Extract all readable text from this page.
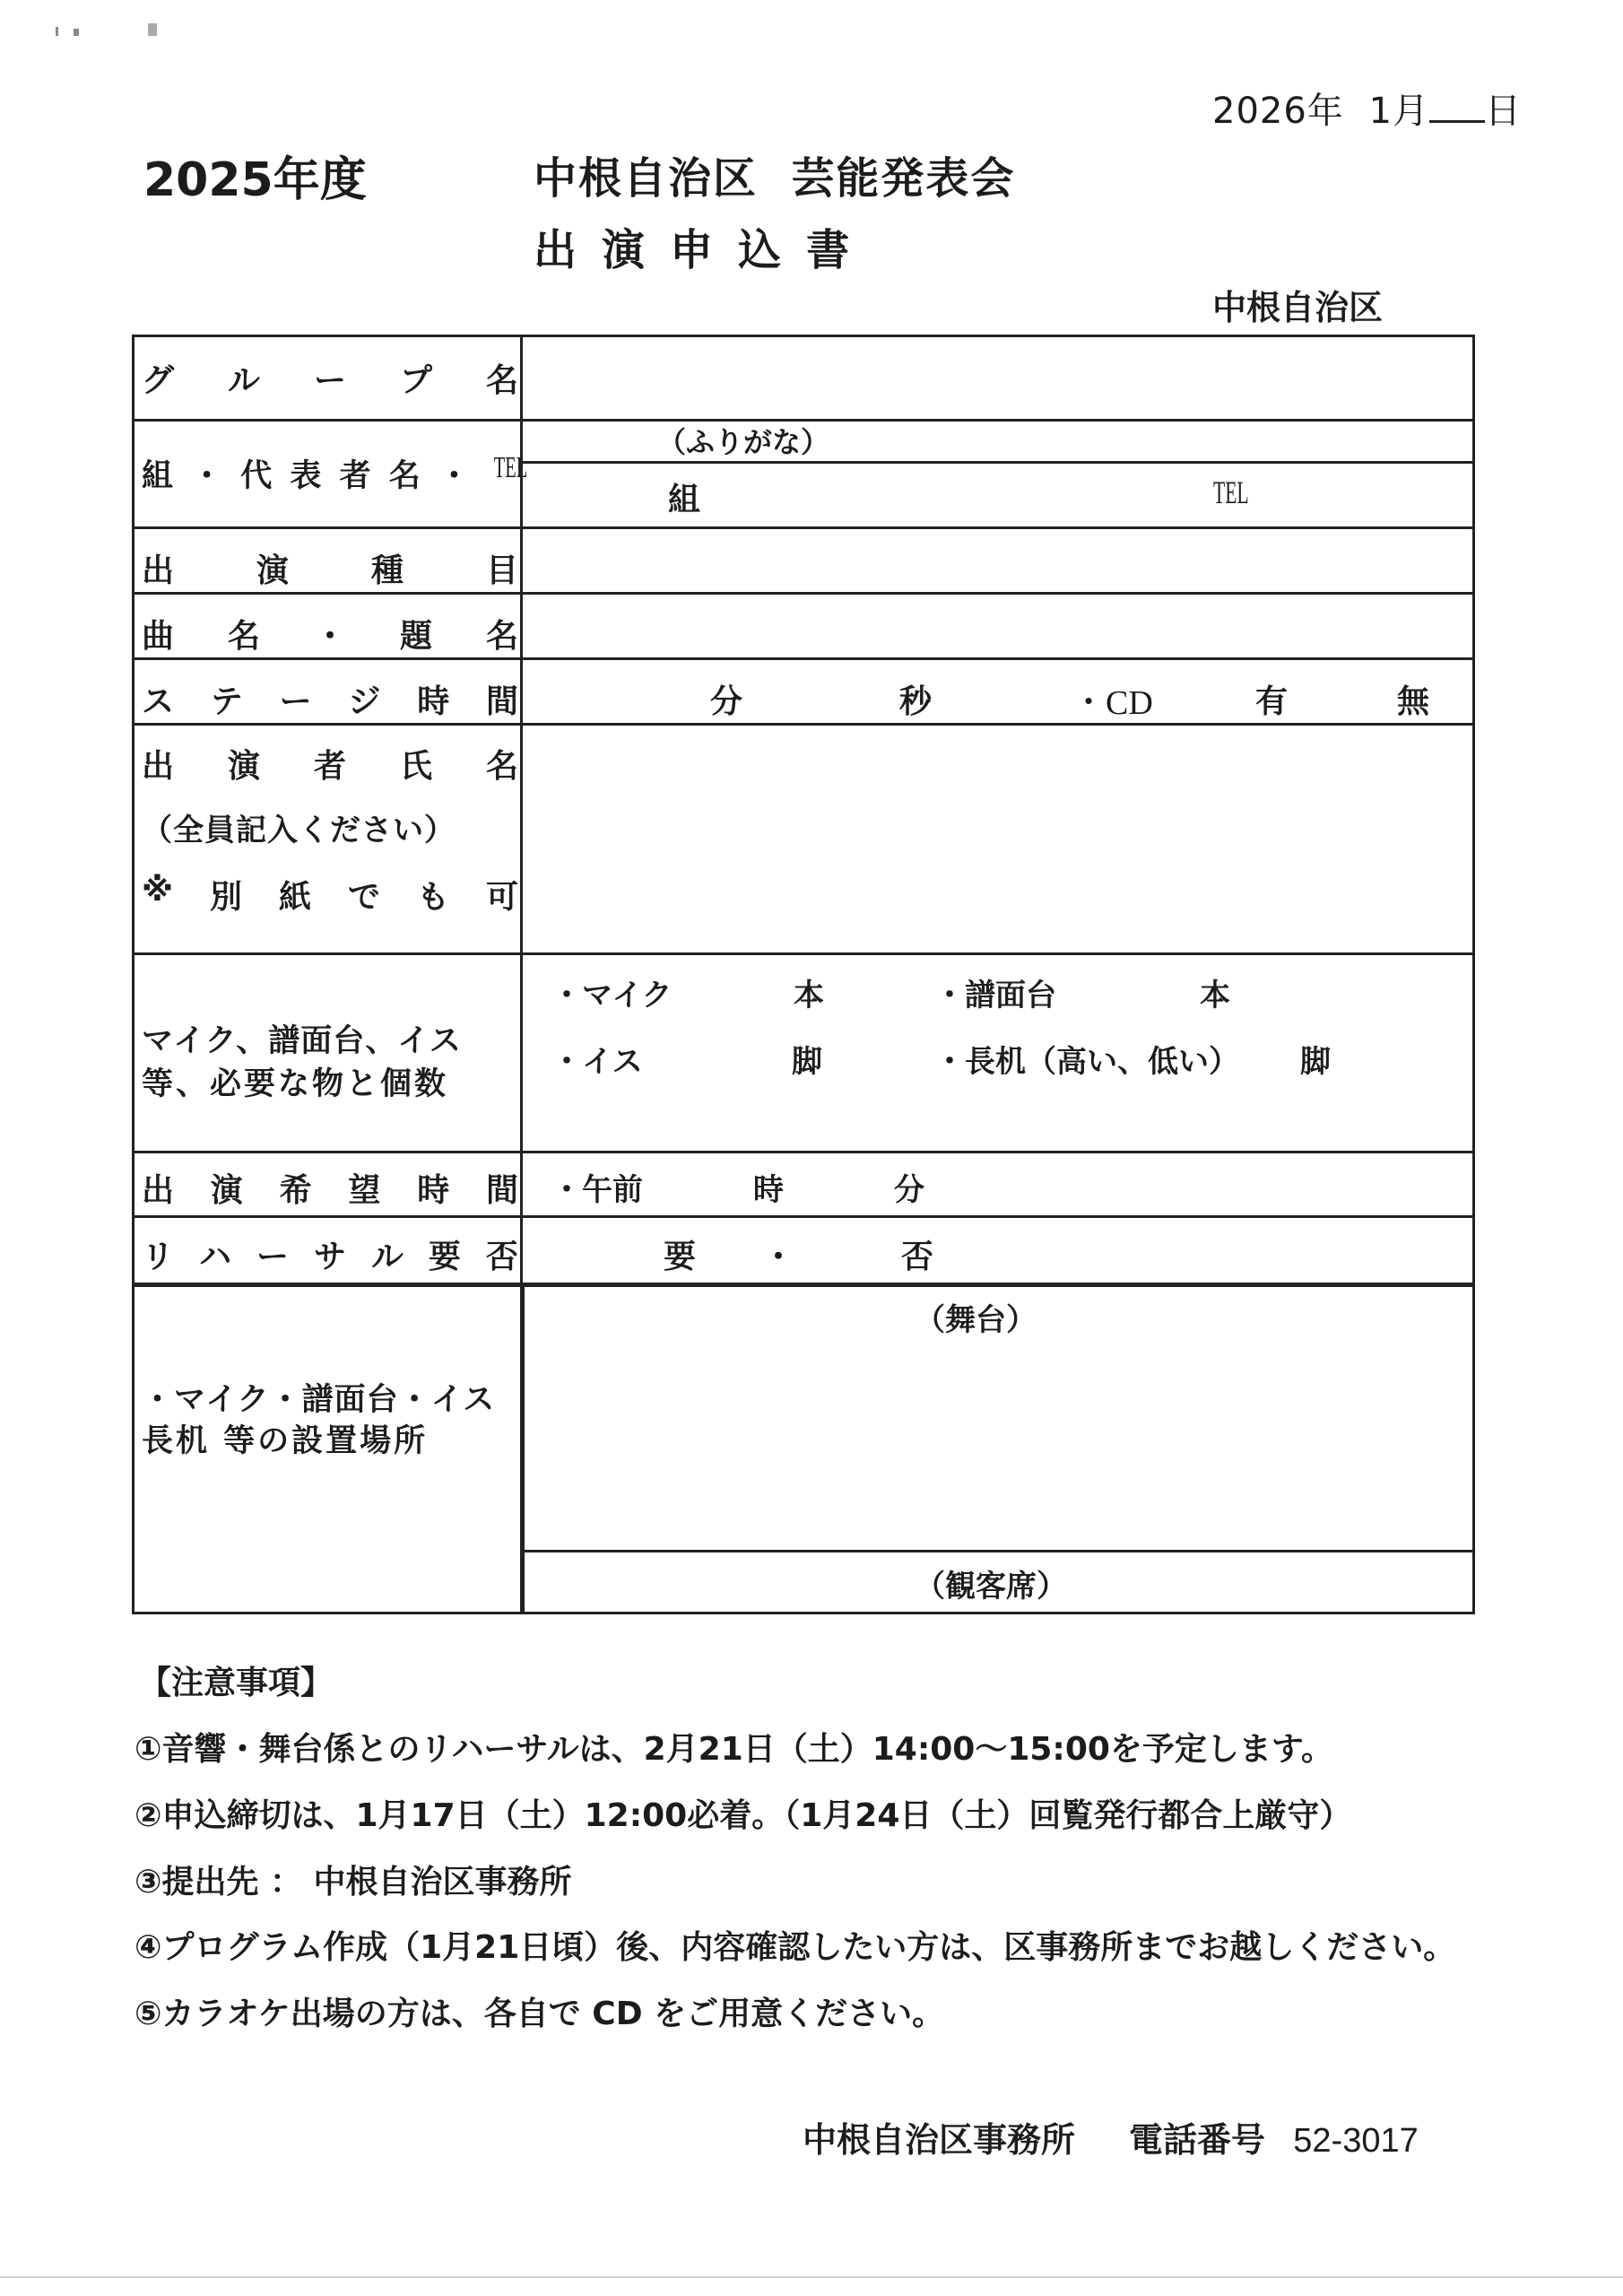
2026年 1月 日
2025年度	中根自治区  芸能発表会
出 演 申 込 書
中根自治区
グ ル ー プ 名
組 ・ 代 表 者 名 ・ TEL
（ふりがな）
組	TEL
出	演	種	目
曲 名 ・ 題 名
ス テ ー ジ 時 間	分	秒	・CD	有	無
出 演 者 氏 名
（全員記入ください）
※ 別 紙 で も 可
マイク、譜面台、イス
等、必要な物と個数
・マイク	本	・譜面台	本
・イス	脚	・長机（高い、低い） 脚
出 演 希 望 時 間 ・午前	時	分
リ ハ ー サ ル 要 否	要 ・	否
・マイク・譜面台・イス
長机 等の設置場所
（舞台）
（観客席）
【注意事項】
①音響・舞台係とのリハーサルは、2月21日（土）14:00～15:00を予定します。
②申込締切は、1月17日（土）12:00必着。（1月24日（土）回覧発行都合上厳守）
③提出先 ： 中根自治区事務所
④プログラム作成（1月21日頃）後、内容確認したい方は、区事務所までお越しください。
⑤カラオケ出場の方は、各自で CD をご用意ください。
中根自治区事務所 電話番号 52-3017
